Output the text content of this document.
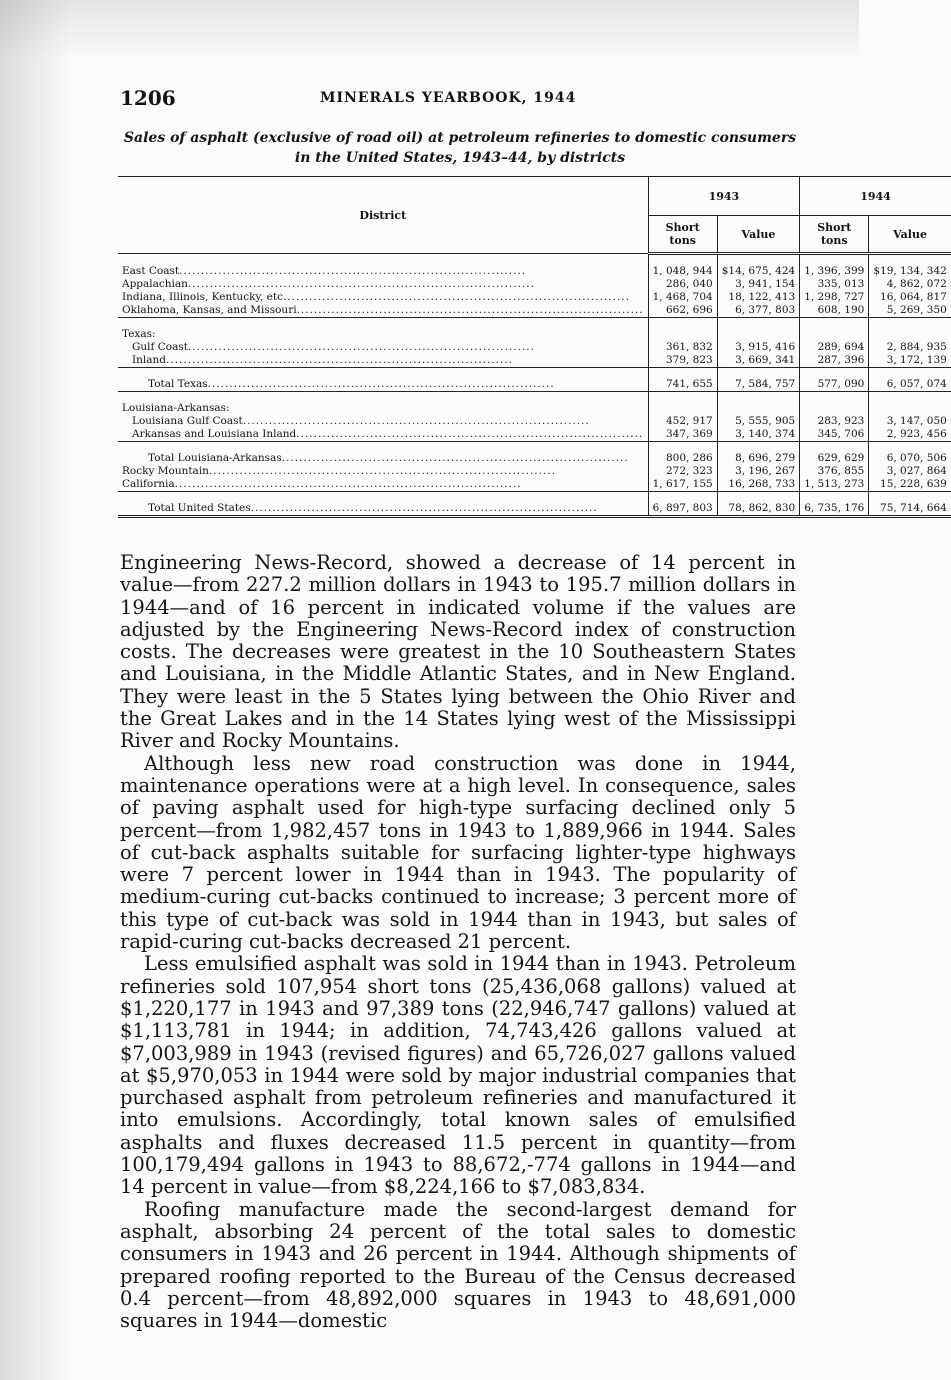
1206	MINERALS YEARBOOK, 1944
Sales of asphalt (exclusive of road oil) at petroleum refineries to domestic consumers
in the United States, 1943–44, by districts
District	1943		1944	
	Short tons	Value	Short tons	Value

East Coast................................................................................	1, 048, 944	$14, 675, 424	1, 396, 399	$19, 134, 342
Appalachian................................................................................	286, 040	3, 941, 154	335, 013	4, 862, 072
Indiana, Illinois, Kentucky, etc................................................................................	1, 468, 704	18, 122, 413	1, 298, 727	16, 064, 817
Oklahoma, Kansas, and Missouri................................................................................	662, 696	6, 377, 803	608, 190	5, 269, 350

Texas:				
Gulf Coast................................................................................	361, 832	3, 915, 416	289, 694	2, 884, 935
Inland................................................................................	379, 823	3, 669, 341	287, 396	3, 172, 139

Total Texas................................................................................	741, 655	7, 584, 757	577, 090	6, 057, 074

Louisiana-Arkansas:				
Louisiana Gulf Coast................................................................................	452, 917	5, 555, 905	283, 923	3, 147, 050
Arkansas and Louisiana Inland................................................................................	347, 369	3, 140, 374	345, 706	2, 923, 456

Total Louisiana-Arkansas................................................................................	800, 286	8, 696, 279	629, 629	6, 070, 506
Rocky Mountain................................................................................	272, 323	3, 196, 267	376, 855	3, 027, 864
California................................................................................	1, 617, 155	16, 268, 733	1, 513, 273	15, 228, 639

Total United States................................................................................	6, 897, 803	78, 862, 830	6, 735, 176	75, 714, 664

Engineering News-Record, showed a decrease of 14 percent in value—from 227.2 million dollars in 1943 to 195.7 million dollars in 1944—and of 16 percent in indicated volume if the values are adjusted by the Engineering News-Record index of construction costs. The decreases were greatest in the 10 Southeastern States and Louisiana, in the Middle Atlantic States, and in New England. They were least in the 5 States lying between the Ohio River and the Great Lakes and in the 14 States lying west of the Mississippi River and Rocky Mountains.

Although less new road construction was done in 1944, maintenance operations were at a high level. In consequence, sales of paving asphalt used for high-type surfacing declined only 5 percent—from 1,982,457 tons in 1943 to 1,889,966 in 1944. Sales of cut-back asphalts suitable for surfacing lighter-type highways were 7 percent lower in 1944 than in 1943. The popularity of medium-curing cut-backs continued to increase; 3 percent more of this type of cut-back was sold in 1944 than in 1943, but sales of rapid-curing cut-backs decreased 21 percent.

Less emulsified asphalt was sold in 1944 than in 1943. Petroleum refineries sold 107,954 short tons (25,436,068 gallons) valued at $1,220,177 in 1943 and 97,389 tons (22,946,747 gallons) valued at $1,113,781 in 1944; in addition, 74,743,426 gallons valued at $7,003,989 in 1943 (revised figures) and 65,726,027 gallons valued at $5,970,053 in 1944 were sold by major industrial companies that purchased asphalt from petroleum refineries and manufactured it into emulsions. Accordingly, total known sales of emulsified asphalts and fluxes decreased 11.5 percent in quantity—from 100,179,494 gallons in 1943 to 88,672,-774 gallons in 1944—and 14 percent in value—from $8,224,166 to $7,083,834.

Roofing manufacture made the second-largest demand for asphalt, absorbing 24 percent of the total sales to domestic consumers in 1943 and 26 percent in 1944. Although shipments of prepared roofing reported to the Bureau of the Census decreased 0.4 percent—from 48,892,000 squares in 1943 to 48,691,000 squares in 1944—domestic
